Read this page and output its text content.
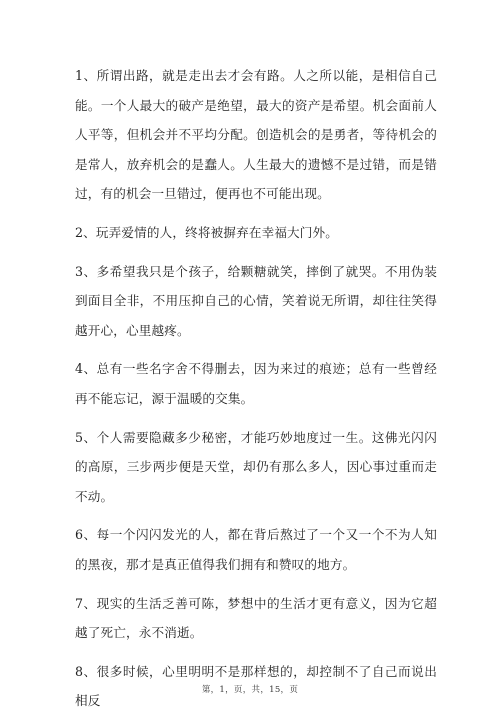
1、所谓出路，就是走出去才会有路。人之所以能，是相信自己能。一个人最大的破产是绝望，最大的资产是希望。机会面前人人平等，但机会并不平均分配。创造机会的是勇者，等待机会的是常人，放弃机会的是蠢人。人生最大的遗憾不是过错，而是错过，有的机会一旦错过，便再也不可能出现。

2、玩弄爱情的人，终将被摒弃在幸福大门外。

3、多希望我只是个孩子，给颗糖就笑，摔倒了就哭。不用伪装到面目全非，不用压抑自己的心情，笑着说无所谓，却往往笑得越开心，心里越疼。

4、总有一些名字舍不得删去，因为来过的痕迹；总有一些曾经再不能忘记，源于温暖的交集。

5、个人需要隐藏多少秘密，才能巧妙地度过一生。这佛光闪闪的高原，三步两步便是天堂，却仍有那么多人，因心事过重而走不动。

6、每一个闪闪发光的人，都在背后熬过了一个又一个不为人知的黑夜，那才是真正值得我们拥有和赞叹的地方。

7、现实的生活乏善可陈，梦想中的生活才更有意义，因为它超越了死亡，永不消逝。

8、很多时候，心里明明不是那样想的，却控制不了自己而说出相反

第，1，页，共，15，页
